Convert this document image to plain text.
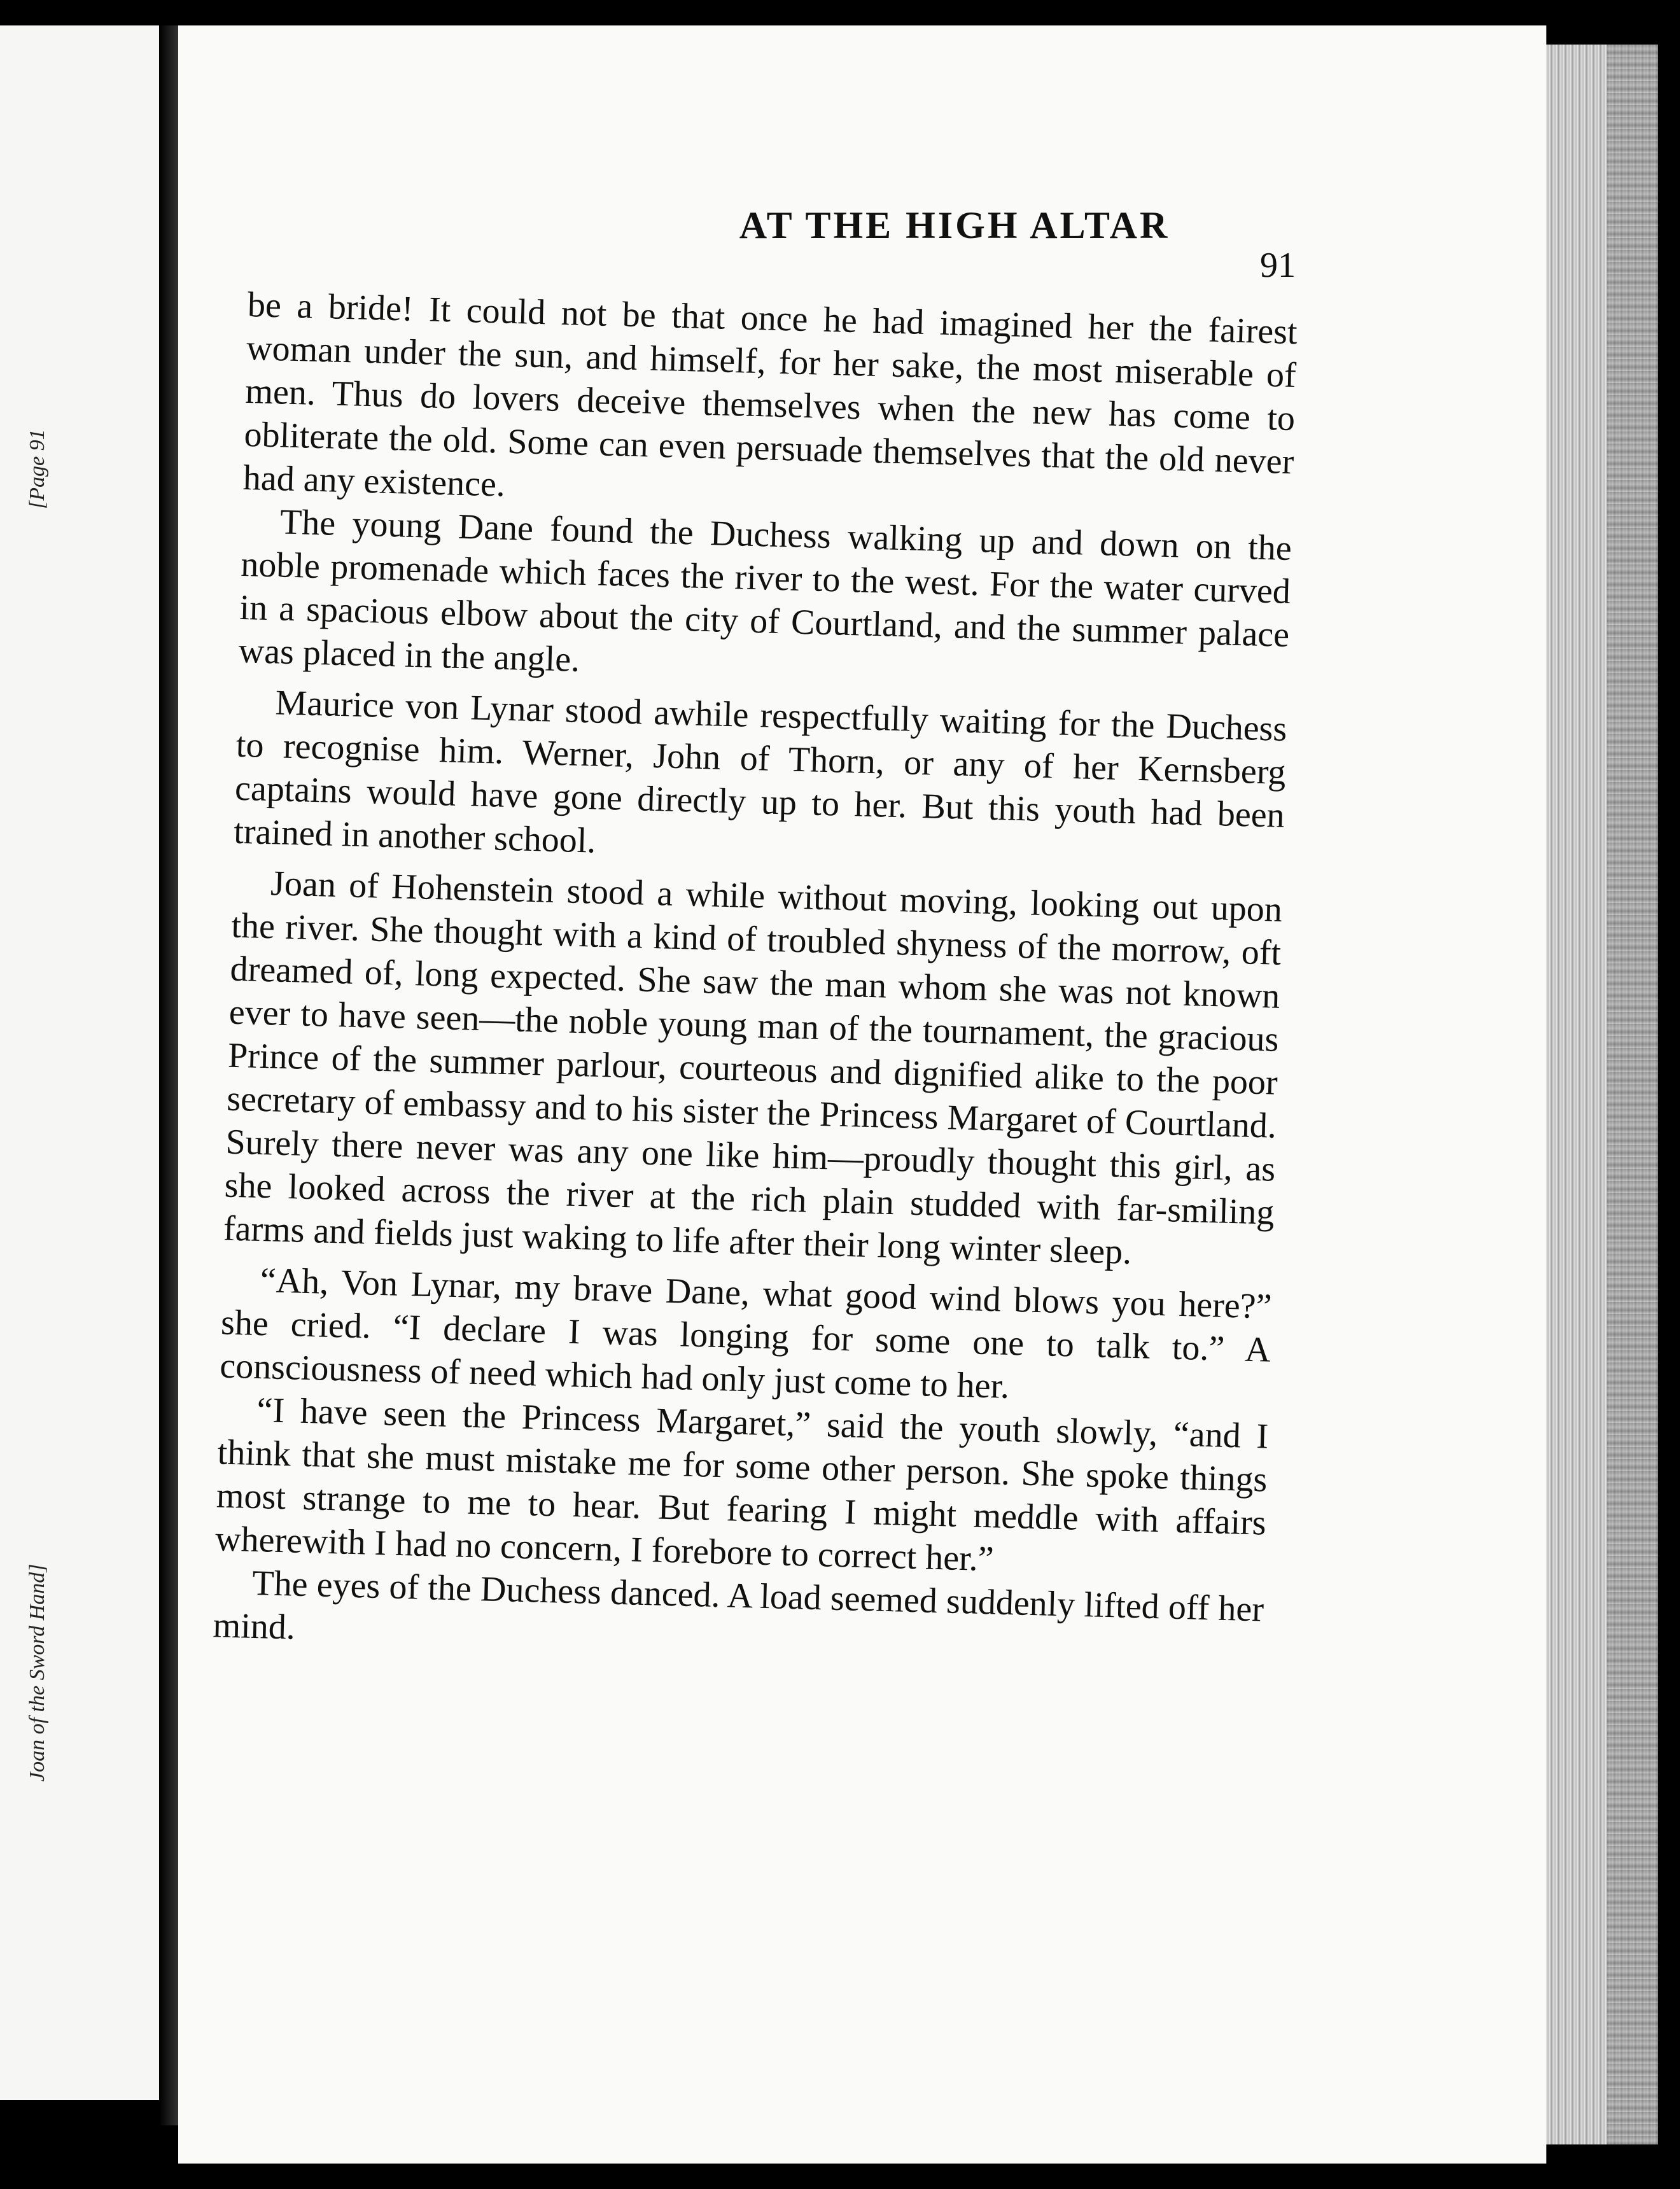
[Page 91
Joan of the Sword Hand]
AT THE HIGH ALTAR
91

be a bride! It could not be that once he had imagined her the fairest woman under the sun, and himself, for her sake, the most miserable of men. Thus do lovers deceive themselves when the new has come to obliterate the old. Some can even persuade themselves that the old never had any existence.

The young Dane found the Duchess walking up and down on the noble promenade which faces the river to the west. For the water curved in a spacious elbow about the city of Courtland, and the summer palace was placed in the angle.

Maurice von Lynar stood awhile respectfully waiting for the Duchess to recognise him. Werner, John of Thorn, or any of her Kernsberg captains would have gone directly up to her. But this youth had been trained in another school.

Joan of Hohenstein stood a while without moving, looking out upon the river. She thought with a kind of troubled shyness of the morrow, oft dreamed of, long expected. She saw the man whom she was not known ever to have seen—the noble young man of the tournament, the gracious Prince of the summer parlour, courteous and dignified alike to the poor secretary of embassy and to his sister the Princess Margaret of Courtland. Surely there never was any one like him—proudly thought this girl, as she looked across the river at the rich plain studded with far-smiling farms and fields just waking to life after their long winter sleep.

“Ah, Von Lynar, my brave Dane, what good wind blows you here?” she cried. “I declare I was longing for some one to talk to.” A consciousness of need which had only just come to her.

“I have seen the Princess Margaret,” said the youth slowly, “and I think that she must mistake me for some other person. She spoke things most strange to me to hear. But fearing I might meddle with affairs wherewith I had no concern, I forebore to correct her.”

The eyes of the Duchess danced. A load seemed suddenly lifted off her mind.
